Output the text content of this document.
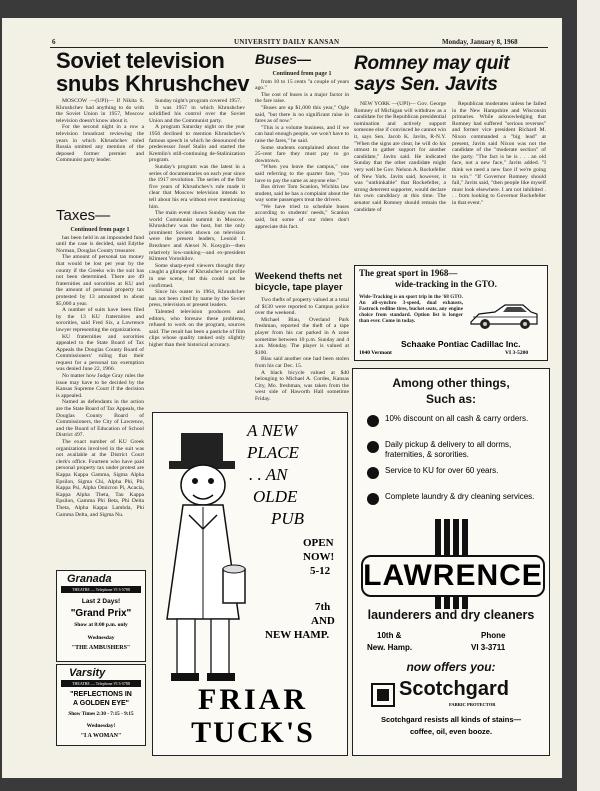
6	UNIVERSITY DAILY KANSAN	Monday, January 8, 1968
Soviet television
snubs Khrushchev

MOSCOW —(UPI)— If Nikita S. Khrushchev had anything to do with the Soviet Union in 1957, Moscow television doesn't know about it.

For the second night in a row a television broadcast reviewing the years in which Khrushchev ruled Russia omitted any mention of the deposed former premier and Communist party leader.

Sunday night's program covered 1957.

It was 1957 in which Khrushchev solidified his control over the Soviet Union and the Communist party.

A program Saturday night on the year 1956 declined to mention Khrushchev's famous speech in which he denounced the predecessor Josef Stalin and started the Kremlin's still-continuing de-Stalinization program.

Sunday's program was the latest in a series of documentaries on each year since the 1917 revolution. The series of the first five years of Khrushchev's rule made it clear that Moscow television intends to tell about his era without ever mentioning him.

The main event shown Sunday was the world Communist summit in Moscow. Khrushchev was the host, but the only prominent Soviets shown on television were the present leaders, Leonid I. Brezhnev and Alexei N. Kosygin—then relatively low-ranking—and ex-president Kliment Voroshilov.

Some sharp-eyed viewers thought they caught a glimpse of Khrushchev in profile in one scene, but this could not be confirmed.

Since his ouster in 1964, Khrushchev has not been cited by name by the Soviet press, television or present leaders.

Talented television producers and editors, who foresaw these problems, refused to work on the program, sources said. The result has been a pastiche of film clips whose quality ranked only slightly higher than their historical accuracy.

Taxes—
Continued from page 1

has been held in an impounded fund until the case is decided, said Edythe Norman, Douglas County treasurer.

The amount of personal tax money that would be lost per year by the county if the Greeks win the suit has not been determined. There are 49 fraternities and sororities at KU and the amount of personal property tax protested by 13 amounted to about $5,000 a year.

A number of suits have been filed by the 13 KU fraternities and sororities, said Fred Six, a Lawrence lawyer representing the organizations.

KU fraternities and sororities appealed to the State Board of Tax Appeals the Douglas County Board of Commissioners' ruling that their request for a personal tax exemption was denied June 22, 1966.

No matter how Judge Gray rules the issue may have to be decided by the Kansas Supreme Court if the decision is appealed.

Named as defendants in the action are the State Board of Tax Appeals, the Douglas County Board of Commissioners, the City of Lawrence, and the Board of Education of School District 497.

The exact number of KU Greek organizations involved in the suit was not available at the District Court clerk's office. Fourteen who have paid personal property tax under protest are Kappa Kappa Gamma, Sigma Alpha Epsilon, Sigma Chi, Alpha Phi, Phi Kappa Psi, Alpha Omicron Pi, Acacia, Kappa Alpha Theta, Tau Kappa Epsilon, Gamma Phi Beta, Phi Delta Theta, Alpha Kappa Lambda, Phi Gamma Delta, and Sigma Nu.

Buses—
Continued from page 1

from 10 to 15 cents "a couple of years ago."

The cost of buses is a major factor in the fare raise.

"Buses are up $1,000 this year," Ogle said, "but there is no significant raise in fares as of now."

"This is a volume business, and if we can haul enough people, we won't have to raise the fares," he said.

Some students complained about the 25-cent fare they must pay to go downtown.

"When you leave the campus," one said referring to the quarter fare, "you have to pay the same as anyone else."

Bus driver Tom Scanlon, Wichita law student, said he has a complaint about the way some passengers treat the drivers.

"We have tried to schedule buses according to students' needs," Scanlon said, but some of our riders don't appreciate this fact.

Weekend thefts net
bicycle, tape player

Two thefts of property valued at a total of $130 were reported to Campus police over the weekend.

Michael Blau, Overland Park freshman, reported the theft of a tape player from his car parked in A zone sometime between 10 p.m. Sunday and 4 a.m. Monday. The player is valued at $100.

Blau said another one had been stolen from his car Dec. 15.

A black bicycle valued at $40 belonging to Michael A. Cordes, Kansas City, Mo. freshman, was taken from the west side of Haworth Hall sometime Friday.

Romney may quit
says Sen. Javits

NEW YORK —(UPI)— Gov. George Romney of Michigan will withdraw as a candidate for the Republican presidential nomination and actively support someone else if convinced he cannot win it, says Sen. Jacob K. Javits, R-N.Y. "When the signs are clear, he will do his utmost to gather support for another candidate," Javits said. He indicated Sunday that the other candidate might very well be Gov. Nelson A. Rockefeller of New York. Javits said, however, it was "unthinkable" that Rockefeller, a strong deterrent supporter, would declare his own candidacy at this time. The senator said Romney should remain the candidate of

Republican moderates unless he failed in the New Hampshire and Wisconsin primaries. While acknowledging that Romney had suffered "serious reverses" and former vice president Richard M. Nixon commanded a "big lead" at present, Javits said Nixon was not the candidate of the "moderate section" of the party. "The fact is he is . . . an old face, not a new face," Javits added. "I think we need a new face if we're going to win." "If Governor Romney should fail," Javits said, "then people like myself must look elsewhere. I am not inhibited . . . from looking to Governor Rockefeller in that event."

The great sport in 1968—
wide-tracking in the GTO.
Wide-Tracking is on sport trip in the '68 GTO. An all-synchro 3-speed, dual exhausts, Fastrock redline tires, bucket seats, any engine choice from standard. Option list is longer than ever. Come in today.
Schaake Pontiac Cadillac Inc.
1040 Vermont	VI 3-5200
Granada
THEATRE — Telephone VI 3-5788
Last 2 Days!
"Grand Prix"
Show at 8:00 p.m. only
Wednesday
"THE AMBUSHERS"
Varsity
THEATRE — Telephone VI 3-5788
"REFLECTIONS IN
A GOLDEN EYE"
Show Times 2:30 - 7:15 - 9:15
Wednesday!
"I A WOMAN"
A NEW
PLACE
. . AN
OLDE
PUB
OPEN
NOW!
5-12
7th
AND
NEW HAMP.
FRIAR
TUCK'S
Among other things,
Such as:
10% discount on all cash & carry orders.
Daily pickup & delivery to all dorms, fraternities, & sororities.
Service to KU for over 60 years.
Complete laundry & dry cleaning services.
LAWRENCE
launderers and dry cleaners
10th &
New. Hamp.
Phone
VI 3-3711
now offers you:
Scotchgard
FABRIC PROTECTOR
Scotchgard resists all kinds of stains—
coffee, oil, even booze.
